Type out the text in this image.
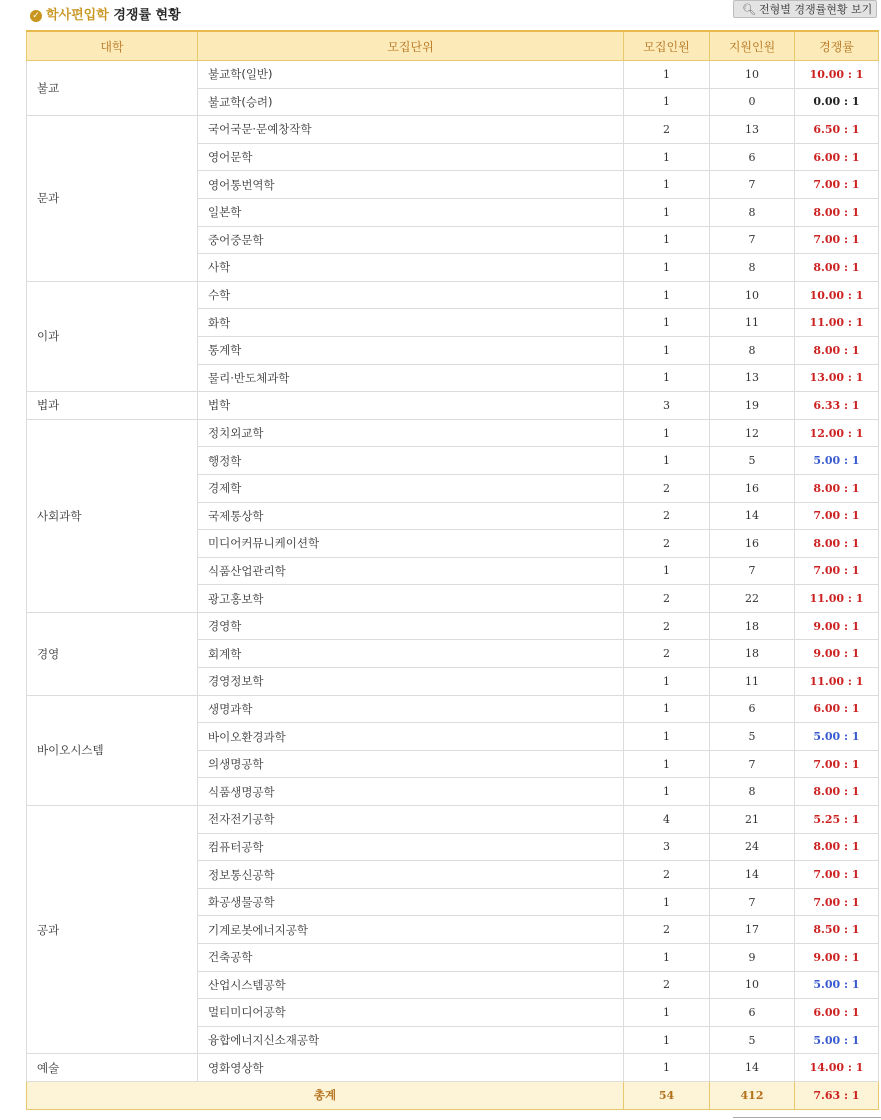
✓ 학사편입학 경쟁률 현황	🔍︎ 전형별 경쟁률현황 보기
대학	모집단위	모집인원	지원인원	경쟁률
불교	불교학(일반)	1	10	10.00 : 1
	불교학(승려)	1	0	0.00 : 1
문과	국어국문·문예창작학	2	13	6.50 : 1
	영어문학	1	6	6.00 : 1
	영어통번역학	1	7	7.00 : 1
	일본학	1	8	8.00 : 1
	중어중문학	1	7	7.00 : 1
	사학	1	8	8.00 : 1
이과	수학	1	10	10.00 : 1
	화학	1	11	11.00 : 1
	통계학	1	8	8.00 : 1
	물리·반도체과학	1	13	13.00 : 1
법과	법학	3	19	6.33 : 1
사회과학	정치외교학	1	12	12.00 : 1
	행정학	1	5	5.00 : 1
	경제학	2	16	8.00 : 1
	국제통상학	2	14	7.00 : 1
	미디어커뮤니케이션학	2	16	8.00 : 1
	식품산업관리학	1	7	7.00 : 1
	광고홍보학	2	22	11.00 : 1
경영	경영학	2	18	9.00 : 1
	회계학	2	18	9.00 : 1
	경영정보학	1	11	11.00 : 1
바이오시스템	생명과학	1	6	6.00 : 1
	바이오환경과학	1	5	5.00 : 1
	의생명공학	1	7	7.00 : 1
	식품생명공학	1	8	8.00 : 1
공과	전자전기공학	4	21	5.25 : 1
	컴퓨터공학	3	24	8.00 : 1
	정보통신공학	2	14	7.00 : 1
	화공생물공학	1	7	7.00 : 1
	기계로봇에너지공학	2	17	8.50 : 1
	건축공학	1	9	9.00 : 1
	산업시스템공학	2	10	5.00 : 1
	멀티미디어공학	1	6	6.00 : 1
	융합에너지신소재공학	1	5	5.00 : 1
예술	영화영상학	1	14	14.00 : 1
총계		54	412	7.63 : 1
